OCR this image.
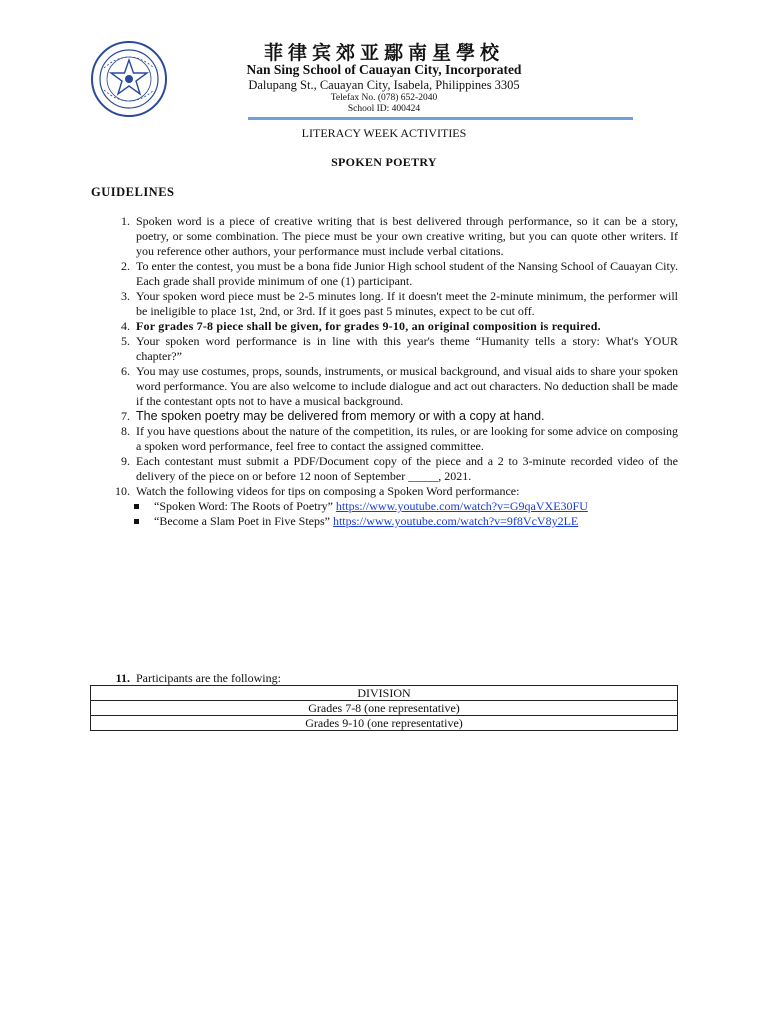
菲律宾郊亚鄢南星學校
Nan Sing School of Cauayan City, Incorporated
Dalupang St., Cauayan City, Isabela, Philippines 3305
Telefax No. (078) 652-2040
School ID: 400424
LITERACY WEEK ACTIVITIES
SPOKEN POETRY
GUIDELINES
1. Spoken word is a piece of creative writing that is best delivered through performance, so it can be a story, poetry, or some combination. The piece must be your own creative writing, but you can quote other writers. If you reference other authors, your performance must include verbal citations.
2. To enter the contest, you must be a bona fide Junior High school student of the Nansing School of Cauayan City. Each grade shall provide minimum of one (1) participant.
3. Your spoken word piece must be 2-5 minutes long. If it doesn't meet the 2-minute minimum, the performer will be ineligible to place 1st, 2nd, or 3rd. If it goes past 5 minutes, expect to be cut off.
4. For grades 7-8 piece shall be given, for grades 9-10, an original composition is required.
5. Your spoken word performance is in line with this year's theme “Humanity tells a story: What's YOUR chapter?”
6. You may use costumes, props, sounds, instruments, or musical background, and visual aids to share your spoken word performance. You are also welcome to include dialogue and act out characters. No deduction shall be made if the contestant opts not to have a musical background.
7. The spoken poetry may be delivered from memory or with a copy at hand.
8. If you have questions about the nature of the competition, its rules, or are looking for some advice on composing a spoken word performance, feel free to contact the assigned committee.
9. Each contestant must submit a PDF/Document copy of the piece and a 2 to 3-minute recorded video of the delivery of the piece on or before 12 noon of September _____, 2021.
10. Watch the following videos for tips on composing a Spoken Word performance:
“Spoken Word: The Roots of Poetry” https://www.youtube.com/watch?v=G9qaVXE30FU
“Become a Slam Poet in Five Steps” https://www.youtube.com/watch?v=9f8VcV8y2LE
11. Participants are the following:
DIVISION
Grades 7-8 (one representative)
Grades 9-10 (one representative)
